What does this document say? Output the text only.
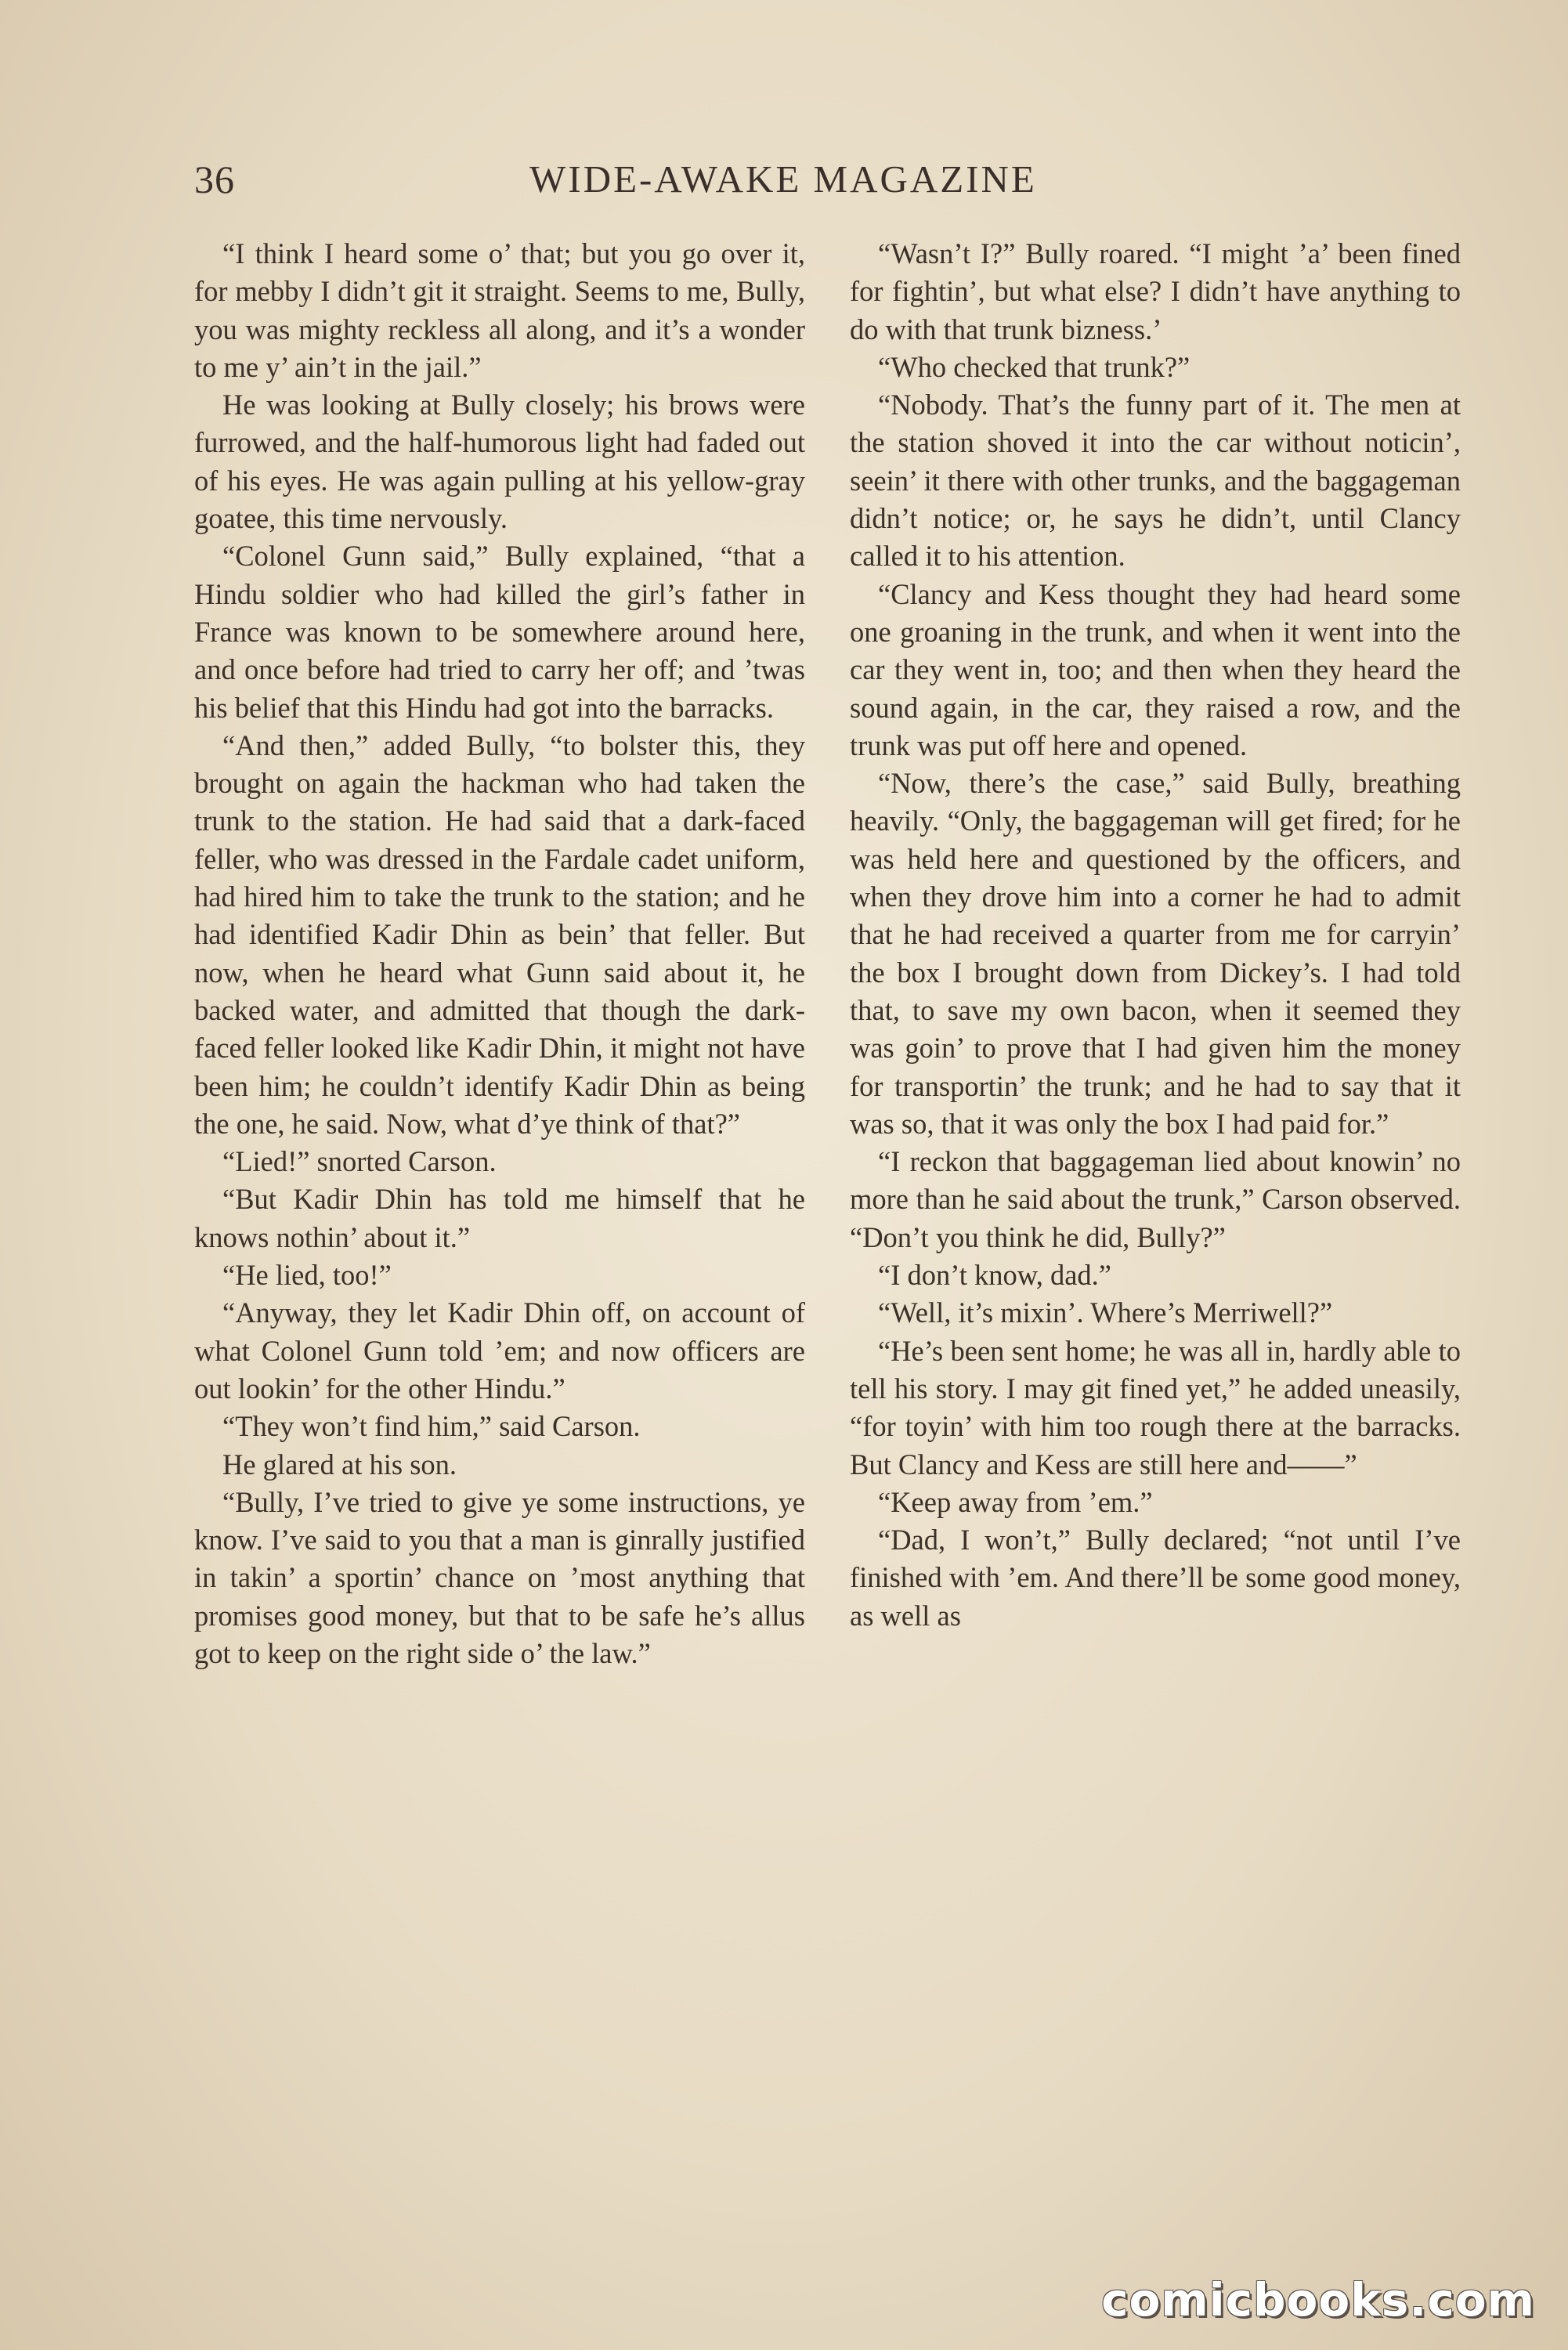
36	WIDE-AWAKE MAGAZINE

“I think I heard some o’ that; but you go over it, for mebby I didn’t git it straight. Seems to me, Bully, you was mighty reckless all along, and it’s a wonder to me y’ ain’t in the jail.”

He was looking at Bully closely; his brows were furrowed, and the half-humorous light had faded out of his eyes. He was again pulling at his yellow-gray goatee, this time nervously.

“Colonel Gunn said,” Bully explained, “that a Hindu soldier who had killed the girl’s father in France was known to be somewhere around here, and once before had tried to carry her off; and ’twas his belief that this Hindu had got into the barracks.

“And then,” added Bully, “to bolster this, they brought on again the hackman who had taken the trunk to the station. He had said that a dark-faced feller, who was dressed in the Fardale cadet uniform, had hired him to take the trunk to the station; and he had identified Kadir Dhin as bein’ that feller. But now, when he heard what Gunn said about it, he backed water, and admitted that though the dark-faced feller looked like Kadir Dhin, it might not have been him; he couldn’t identify Kadir Dhin as being the one, he said. Now, what d’ye think of that?”

“Lied!” snorted Carson.

“But Kadir Dhin has told me himself that he knows nothin’ about it.”

“He lied, too!”

“Anyway, they let Kadir Dhin off, on account of what Colonel Gunn told ’em; and now officers are out lookin’ for the other Hindu.”

“They won’t find him,” said Carson.

He glared at his son.

“Bully, I’ve tried to give ye some instructions, ye know. I’ve said to you that a man is ginrally justified in takin’ a sportin’ chance on ’most anything that promises good money, but that to be safe he’s allus got to keep on the right side o’ the law.”

“Wasn’t I?” Bully roared. “I might ’a’ been fined for fightin’, but what else? I didn’t have anything to do with that trunk bizness.’

“Who checked that trunk?”

“Nobody. That’s the funny part of it. The men at the station shoved it into the car without noticin’, seein’ it there with other trunks, and the baggageman didn’t notice; or, he says he didn’t, until Clancy called it to his attention.

“Clancy and Kess thought they had heard some one groaning in the trunk, and when it went into the car they went in, too; and then when they heard the sound again, in the car, they raised a row, and the trunk was put off here and opened.

“Now, there’s the case,” said Bully, breathing heavily. “Only, the baggageman will get fired; for he was held here and questioned by the officers, and when they drove him into a corner he had to admit that he had received a quarter from me for carryin’ the box I brought down from Dickey’s. I had told that, to save my own bacon, when it seemed they was goin’ to prove that I had given him the money for transportin’ the trunk; and he had to say that it was so, that it was only the box I had paid for.”

“I reckon that baggageman lied about knowin’ no more than he said about the trunk,” Carson observed. “Don’t you think he did, Bully?”

“I don’t know, dad.”

“Well, it’s mixin’. Where’s Merriwell?”

“He’s been sent home; he was all in, hardly able to tell his story. I may git fined yet,” he added uneasily, “for toyin’ with him too rough there at the barracks. But Clancy and Kess are still here and——”

“Keep away from ’em.”

“Dad, I won’t,” Bully declared; “not until I’ve finished with ’em. And there’ll be some good money, as well as

comicbooks.com
